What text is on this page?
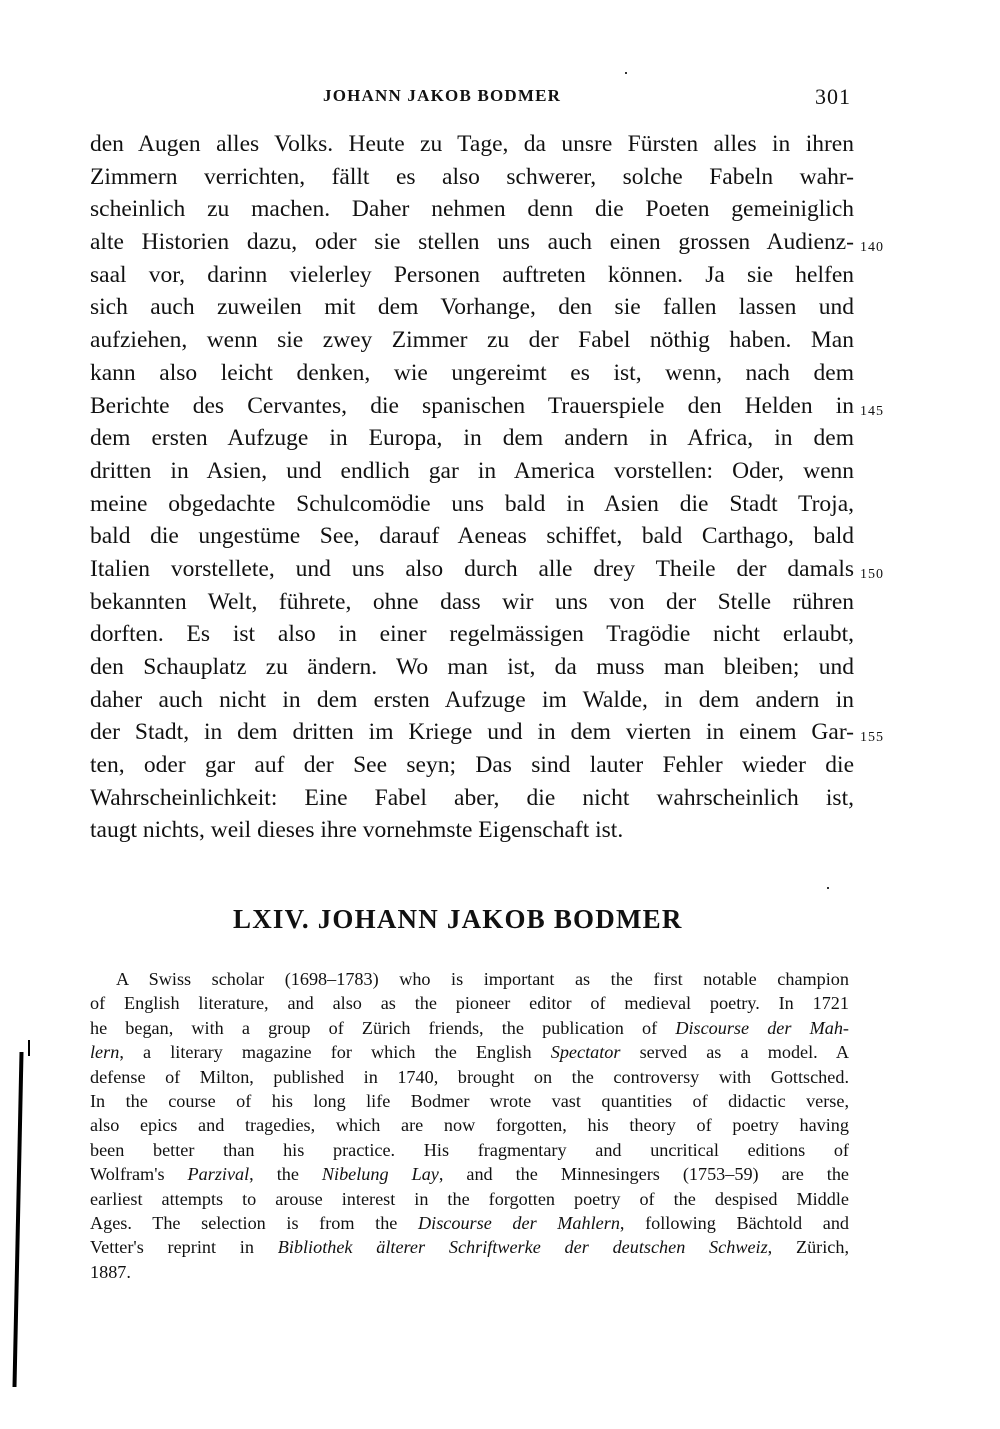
JOHANN JAKOB BODMER	301
den Augen alles Volks. Heute zu Tage, da unsre Fürsten alles in ihren
Zimmern verrichten, fällt es also schwerer, solche Fabeln wahr-
scheinlich zu machen. Daher nehmen denn die Poeten gemeiniglich
alte Historien dazu, oder sie stellen uns auch einen grossen Audienz- 140
saal vor, darinn vielerley Personen auftreten können. Ja sie helfen
sich auch zuweilen mit dem Vorhange, den sie fallen lassen und
aufziehen, wenn sie zwey Zimmer zu der Fabel nöthig haben. Man
kann also leicht denken, wie ungereimt es ist, wenn, nach dem
Berichte des Cervantes, die spanischen Trauerspiele den Helden in 145
dem ersten Aufzuge in Europa, in dem andern in Africa, in dem
dritten in Asien, und endlich gar in America vorstellen: Oder, wenn
meine obgedachte Schulcomödie uns bald in Asien die Stadt Troja,
bald die ungestüme See, darauf Aeneas schiffet, bald Carthago, bald
Italien vorstellete, und uns also durch alle drey Theile der damals 150
bekannten Welt, führete, ohne dass wir uns von der Stelle rühren
dorften. Es ist also in einer regelmässigen Tragödie nicht erlaubt,
den Schauplatz zu ändern. Wo man ist, da muss man bleiben; und
daher auch nicht in dem ersten Aufzuge im Walde, in dem andern in
der Stadt, in dem dritten im Kriege und in dem vierten in einem Gar- 155
ten, oder gar auf der See seyn; Das sind lauter Fehler wieder die
Wahrscheinlichkeit: Eine Fabel aber, die nicht wahrscheinlich ist,
taugt nichts, weil dieses ihre vornehmste Eigenschaft ist.
LXIV. JOHANN JAKOB BODMER
A Swiss scholar (1698–1783) who is important as the first notable champion
of English literature, and also as the pioneer editor of medieval poetry. In 1721
he began, with a group of Zürich friends, the publication of Discourse der Mah-
lern, a literary magazine for which the English Spectator served as a model. A
defense of Milton, published in 1740, brought on the controversy with Gottsched.
In the course of his long life Bodmer wrote vast quantities of didactic verse,
also epics and tragedies, which are now forgotten, his theory of poetry having
been better than his practice. His fragmentary and uncritical editions of
Wolfram's Parzival, the Nibelung Lay, and the Minnesingers (1753–59) are the
earliest attempts to arouse interest in the forgotten poetry of the despised Middle
Ages. The selection is from the Discourse der Mahlern, following Bächtold and
Vetter's reprint in Bibliothek älterer Schriftwerke der deutschen Schweiz, Zürich,
1887.
